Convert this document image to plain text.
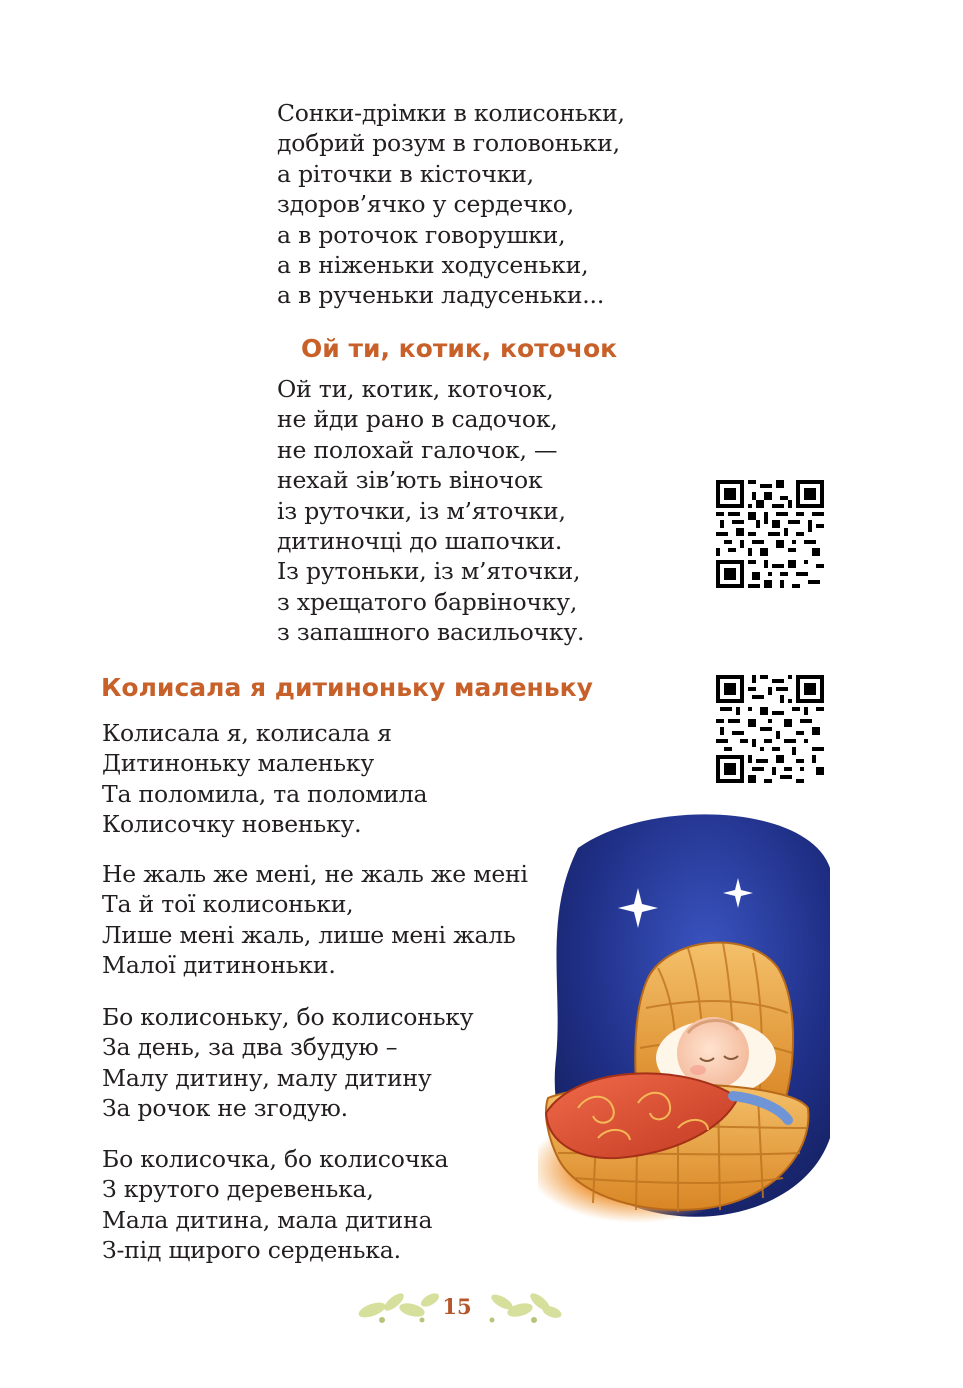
Сонки-дрімки в колисоньки,
добрий розум в головоньки,
а ріточки в кісточки,
здоров’ячко у сердечко,
а в роточок говорушки,
а в ніженьки ходусеньки,
а в рученьки ладусеньки...
Ой ти, котик, коточок
Ой ти, котик, коточок,
не йди рано в садочок,
не полохай галочок, —
нехай зів’ють віночок
із руточки, із м’яточки,
дитиночці до шапочки.
Із рутоньки, із м’яточки,
з хрещатого барвіночку,
з запашного васильочку.
Колисала я дитиноньку маленьку
Колисала я, колисала я
Дитиноньку маленьку
Та поломила, та поломила
Колисочку новеньку.
Не жаль же мені, не жаль же мені
Та й тої колисоньки,
Лише мені жаль, лише мені жаль
Малої дитиноньки.
Бо колисоньку, бо колисоньку
За день, за два збудую –
Малу дитину, малу дитину
За рочок не згодую.
Бо колисочка, бо колисочка
З крутого деревенька,
Мала дитина, мала дитина
З-під щирого серденька.
15
